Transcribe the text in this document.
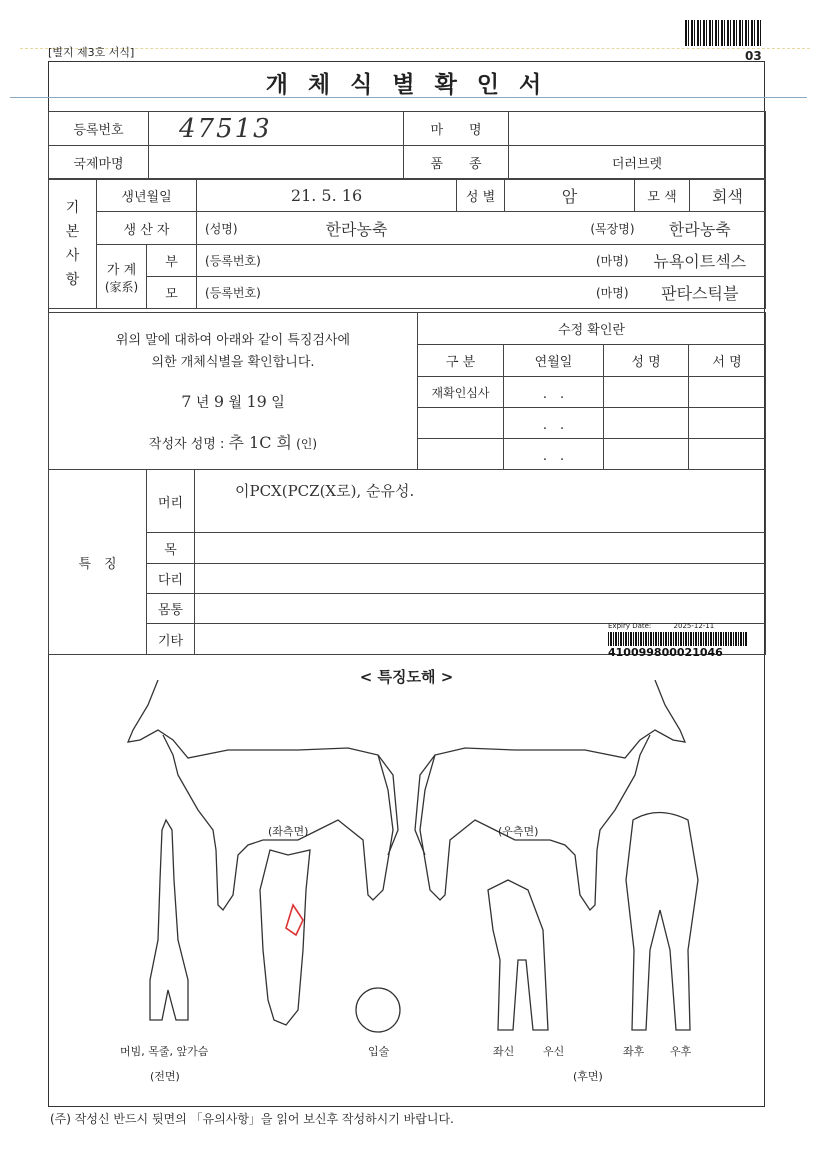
[별지 제3호 서식]	03
개 체 식 별 확 인 서
등록번호	47513	마　　명	
국제마명		품　　종	더러브렛
기
본
사
항	생년월일		21. 5. 16		성 별	암	모 색	회색
	생 산 자		(성명)	한라농축	(목장명)		한라농축	

	가 계
(家系)	부	(등록번호)		(마명)		뉴욕이트섹스	
		모	(등록번호)		(마명)		판타스틱블	
위의 말에 대하여 아래와 같이 특징검사에
의한 개체식별을 확인합니다.
7 년 9 월 19 일
작성자 성명 : 추 1C 희 (인)	수정 확인란			
	구 분	연월일	성 명	서 명
	재확인심사	.　.		
		.　.		
		.　.		
특　징	머리	이PCX(PCZ(X로), 순유성.
	목	
	다리	
	몸통	
	기타	
Expiry Date:	2025-12-11
410099800021046
< 특징도해 >
(좌측면)	(우측면)
머빔, 목줄, 앞가슴
(전면)
입술	좌신	우신	좌후 우후
(후면)
(주) 작성신 반드시 뒷면의 「유의사항」을 읽어 보신후 작성하시기 바랍니다.
